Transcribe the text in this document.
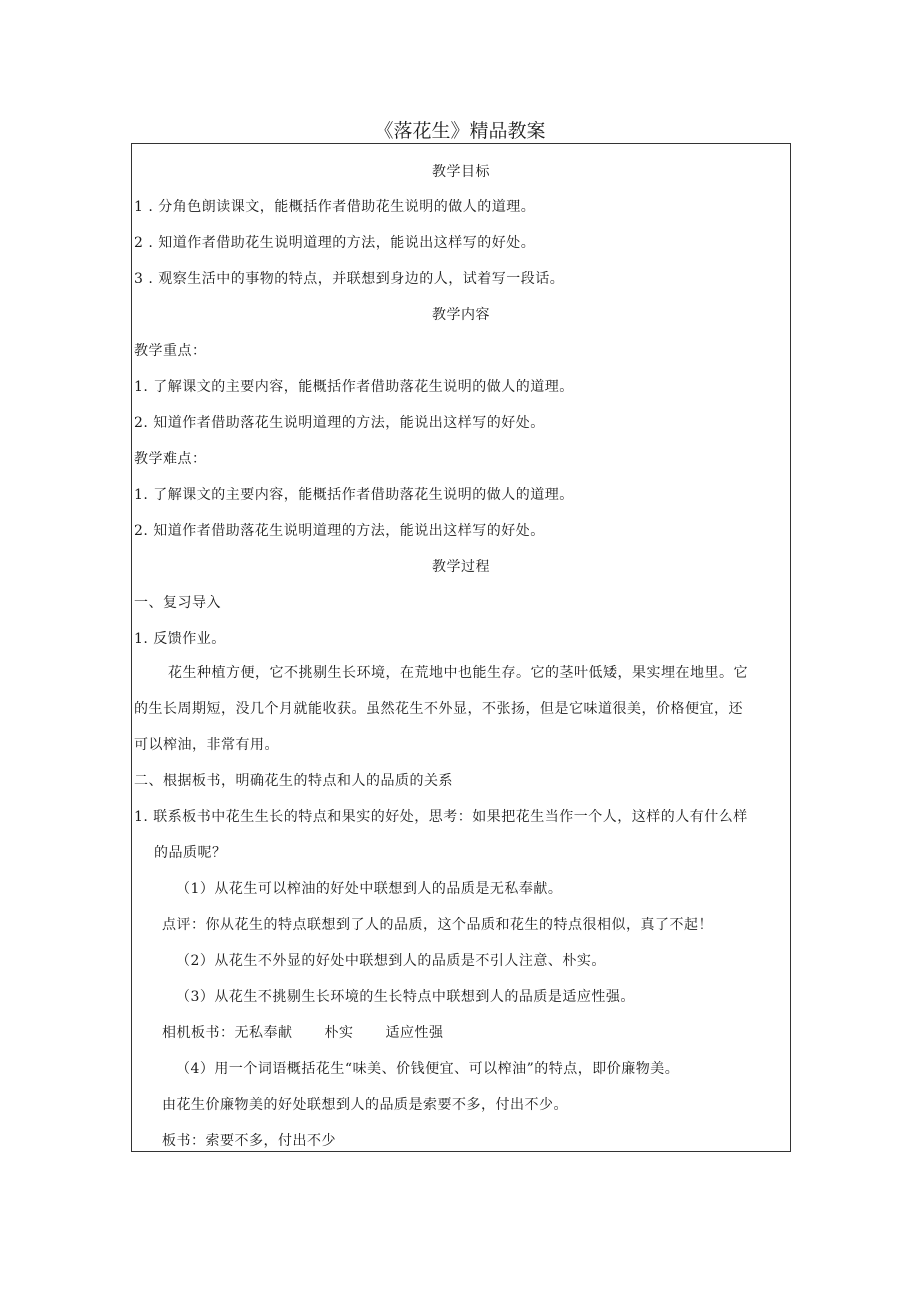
《落花生》精品教案
教学目标
1 . 分角色朗读课文，能概括作者借助花生说明的做人的道理。
2 . 知道作者借助花生说明道理的方法，能说出这样写的好处。
3 . 观察生活中的事物的特点，并联想到身边的人，试着写一段话。
教学内容
教学重点：
1. 了解课文的主要内容，能概括作者借助落花生说明的做人的道理。
2. 知道作者借助落花生说明道理的方法，能说出这样写的好处。
教学难点：
1. 了解课文的主要内容，能概括作者借助落花生说明的做人的道理。
2. 知道作者借助落花生说明道理的方法，能说出这样写的好处。
教学过程
一、复习导入
1. 反馈作业。
花生种植方便，它不挑剔生长环境，在荒地中也能生存。它的茎叶低矮，果实埋在地里。它
的生长周期短，没几个月就能收获。虽然花生不外显，不张扬，但是它味道很美，价格便宜，还
可以榨油，非常有用。
二、根据板书，明确花生的特点和人的品质的关系
1. 联系板书中花生生长的特点和果实的好处，思考：如果把花生当作一个人，这样的人有什么样
的品质呢？
（1）从花生可以榨油的好处中联想到人的品质是无私奉献。
点评：你从花生的特点联想到了人的品质，这个品质和花生的特点很相似，真了不起！
（2）从花生不外显的好处中联想到人的品质是不引人注意、朴实。
（3）从花生不挑剔生长环境的生长特点中联想到人的品质是适应性强。
相机板书：无私奉献 朴实 适应性强
（4）用一个词语概括花生“味美、价钱便宜、可以榨油”的特点，即价廉物美。
由花生价廉物美的好处联想到人的品质是索要不多，付出不少。
板书：索要不多，付出不少
